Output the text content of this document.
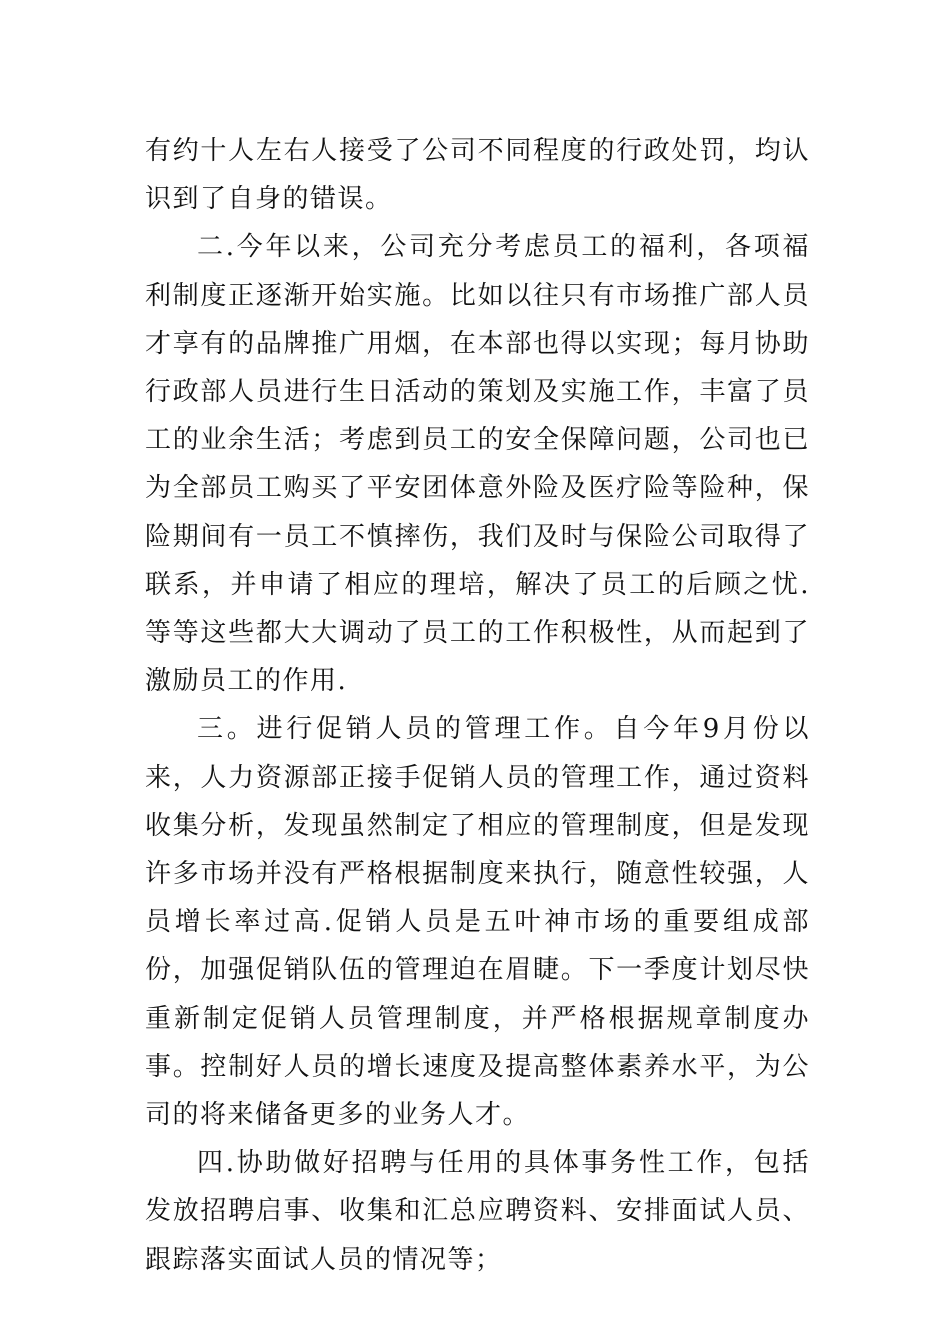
有约十人左右人接受了公司不同程度的行政处罚，均认识到了自身的错误。

二.今年以来，公司充分考虑员工的福利，各项福利制度正逐渐开始实施。比如以往只有市场推广部人员才享有的品牌推广用烟，在本部也得以实现；每月协助行政部人员进行生日活动的策划及实施工作，丰富了员工的业余生活；考虑到员工的安全保障问题，公司也已为全部员工购买了平安团体意外险及医疗险等险种，保险期间有一员工不慎摔伤，我们及时与保险公司取得了联系，并申请了相应的理培，解决了员工的后顾之忧.等等这些都大大调动了员工的工作积极性，从而起到了激励员工的作用.

三。进行促销人员的管理工作。自今年9月份以来，人力资源部正接手促销人员的管理工作，通过资料收集分析，发现虽然制定了相应的管理制度，但是发现许多市场并没有严格根据制度来执行，随意性较强，人员增长率过高.促销人员是五叶神市场的重要组成部份，加强促销队伍的管理迫在眉睫。下一季度计划尽快重新制定促销人员管理制度，并严格根据规章制度办事。控制好人员的增长速度及提高整体素养水平，为公司的将来储备更多的业务人才。

四.协助做好招聘与任用的具体事务性工作，包括发放招聘启事、收集和汇总应聘资料、安排面试人员、跟踪落实面试人员的情况等；
